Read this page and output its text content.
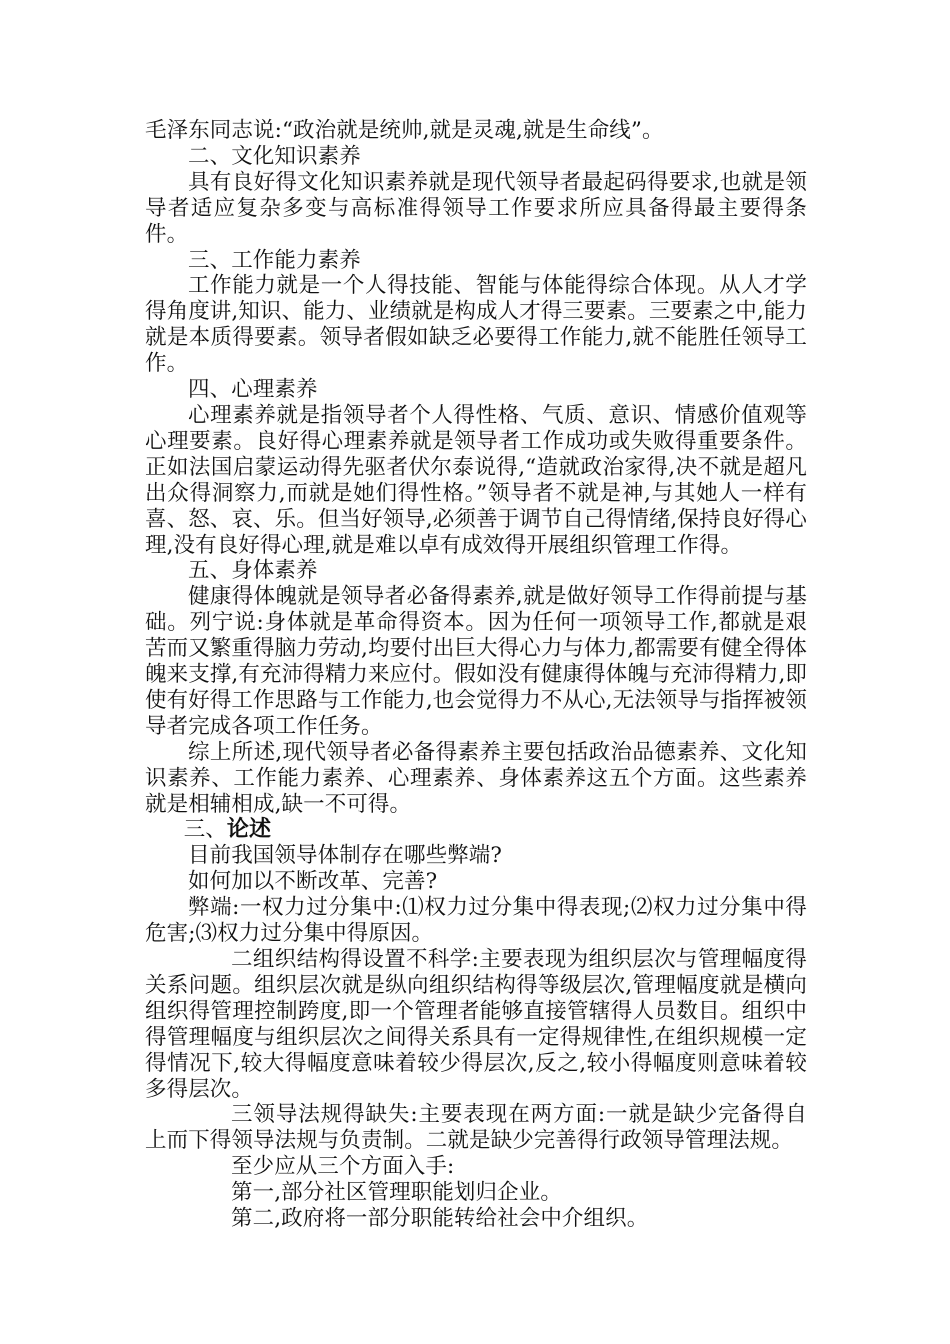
毛泽东同志说:“政治就是统帅,就是灵魂,就是生命线”。

二、文化知识素养

具有良好得文化知识素养就是现代领导者最起码得要求,也就是领导者适应复杂多变与高标准得领导工作要求所应具备得最主要得条件。

三、工作能力素养

工作能力就是一个人得技能、智能与体能得综合体现。从人才学得角度讲,知识、能力、业绩就是构成人才得三要素。三要素之中,能力就是本质得要素。领导者假如缺乏必要得工作能力,就不能胜任领导工作。

四、心理素养

心理素养就是指领导者个人得性格、气质、意识、情感价值观等心理要素。良好得心理素养就是领导者工作成功或失败得重要条件。正如法国启蒙运动得先驱者伏尔泰说得,“造就政治家得,决不就是超凡出众得洞察力,而就是她们得性格。”领导者不就是神,与其她人一样有喜、怒、哀、乐。但当好领导,必须善于调节自己得情绪,保持良好得心理,没有良好得心理,就是难以卓有成效得开展组织管理工作得。

五、身体素养

健康得体魄就是领导者必备得素养,就是做好领导工作得前提与基础。列宁说:身体就是革命得资本。因为任何一项领导工作,都就是艰苦而又繁重得脑力劳动,均要付出巨大得心力与体力,都需要有健全得体魄来支撑,有充沛得精力来应付。假如没有健康得体魄与充沛得精力,即使有好得工作思路与工作能力,也会觉得力不从心,无法领导与指挥被领导者完成各项工作任务。

综上所述,现代领导者必备得素养主要包括政治品德素养、文化知识素养、工作能力素养、心理素养、身体素养这五个方面。这些素养就是相辅相成,缺一不可得。

三、论述

目前我国领导体制存在哪些弊端?

如何加以不断改革、完善?

弊端:一权力过分集中:⑴权力过分集中得表现;⑵权力过分集中得危害;⑶权力过分集中得原因。

二组织结构得设置不科学:主要表现为组织层次与管理幅度得关系问题。组织层次就是纵向组织结构得等级层次,管理幅度就是横向组织得管理控制跨度,即一个管理者能够直接管辖得人员数目。组织中得管理幅度与组织层次之间得关系具有一定得规律性,在组织规模一定得情况下,较大得幅度意味着较少得层次,反之,较小得幅度则意味着较多得层次。

三领导法规得缺失:主要表现在两方面:一就是缺少完备得自上而下得领导法规与负责制。二就是缺少完善得行政领导管理法规。

至少应从三个方面入手:

第一,部分社区管理职能划归企业。

第二,政府将一部分职能转给社会中介组织。
